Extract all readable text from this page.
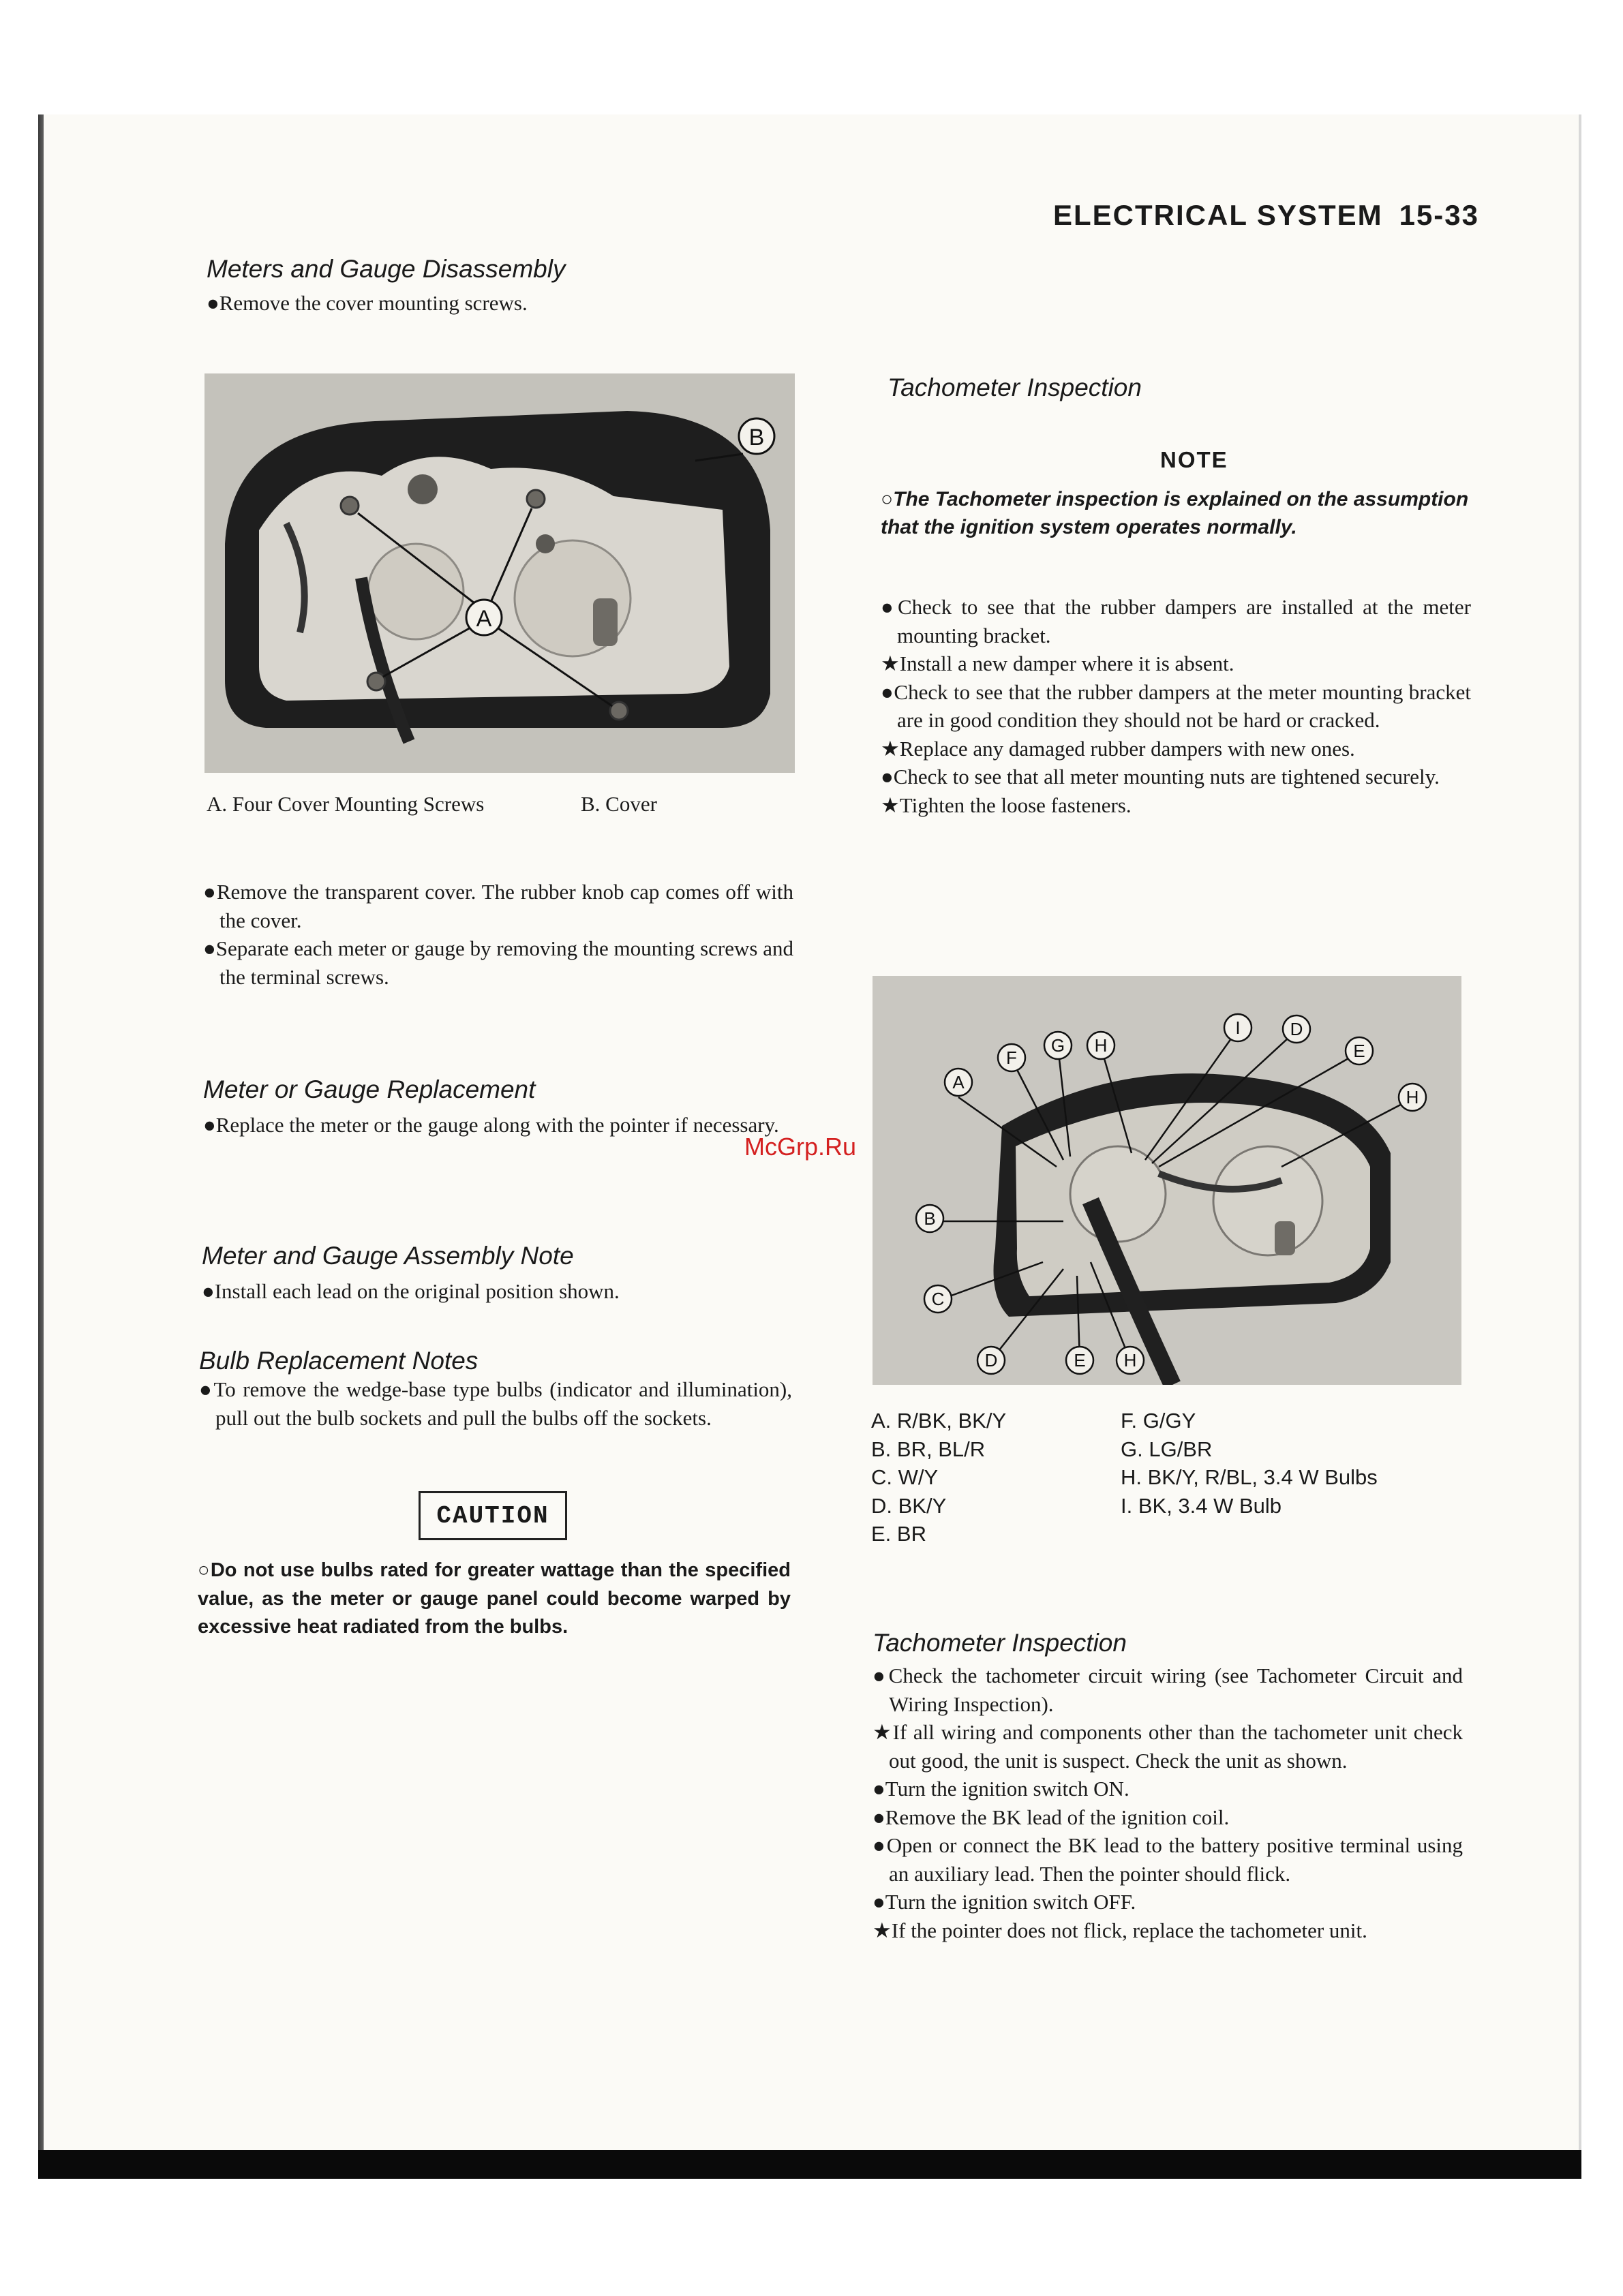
ELECTRICAL SYSTEM 15-33
Meters and Gauge Disassembly
●Remove the cover mounting screws.
A
B
A. Four Cover Mounting Screws	B. Cover
●Remove the transparent cover. The rubber knob cap comes off with the cover.
●Separate each meter or gauge by removing the mounting screws and the terminal screws.
Meter or Gauge Replacement
●Replace the meter or the gauge along with the pointer if necessary.
Meter and Gauge Assembly Note
●Install each lead on the original position shown.
Bulb Replacement Notes
●To remove the wedge-base type bulbs (indicator and illumination), pull out the bulb sockets and pull the bulbs off the sockets.
CAUTION
○Do not use bulbs rated for greater wattage than the specified value, as the meter or gauge panel could become warped by excessive heat radiated from the bulbs.
Tachometer Inspection
NOTE
○The Tachometer inspection is explained on the assumption that the ignition system operates normally.
●Check to see that the rubber dampers are installed at the meter mounting bracket.
★Install a new damper where it is absent.
●Check to see that the rubber dampers at the meter mounting bracket are in good condition they should not be hard or cracked.
★Replace any damaged rubber dampers with new ones.
●Check to see that all meter mounting nuts are tightened securely.
★Tighten the loose fasteners.
A
B
C
D
D
E
E
F
G H
H
H
I
A. R/BK, BK/Y
B. BR, BL/R
C. W/Y
D. BK/Y
E. BR
F. G/GY
G. LG/BR
H. BK/Y, R/BL, 3.4 W Bulbs
I. BK, 3.4 W Bulb
Tachometer Inspection
●Check the tachometer circuit wiring (see Tachometer Circuit and Wiring Inspection).
★If all wiring and components other than the tachometer unit check out good, the unit is suspect. Check the unit as shown.
●Turn the ignition switch ON.
●Remove the BK lead of the ignition coil.
●Open or connect the BK lead to the battery positive terminal using an auxiliary lead. Then the pointer should flick.
●Turn the ignition switch OFF.
★If the pointer does not flick, replace the tachometer unit.
McGrp.Ru
